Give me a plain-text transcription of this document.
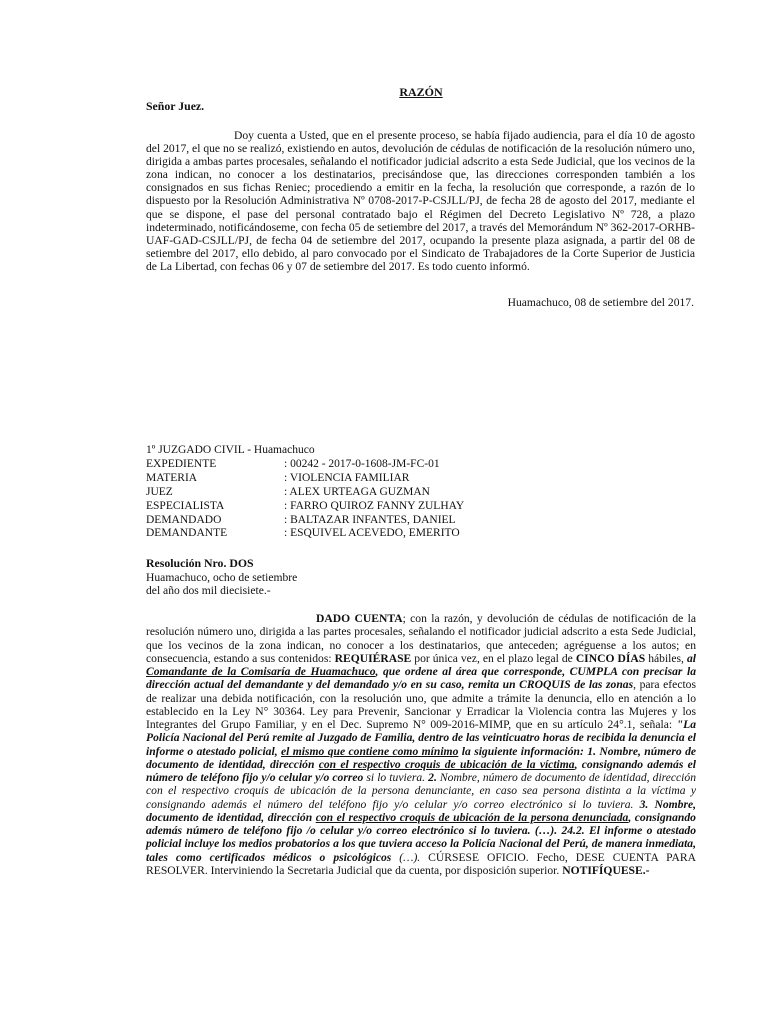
RAZÓN
Señor Juez.

Doy cuenta a Usted, que en el presente proceso, se había fijado audiencia, para el día 10 de agosto del 2017, el que no se realizó, existiendo en autos, devolución de cédulas de notificación de la resolución número uno, dirigida a ambas partes procesales, señalando el notificador judicial adscrito a esta Sede Judicial, que los vecinos de la zona indican, no conocer a los destinatarios, precisándose que, las direcciones corresponden también a los consignados en sus fichas Reniec; procediendo a emitir en la fecha, la resolución que corresponde, a razón de lo dispuesto por la Resolución Administrativa Nº 0708-2017-P-CSJLL/PJ, de fecha 28 de agosto del 2017, mediante el que se dispone, el pase del personal contratado bajo el Régimen del Decreto Legislativo Nº 728, a plazo indeterminado, notificándoseme, con fecha 05 de setiembre del 2017, a través del Memorándum Nº 362-2017-ORHB-UAF-GAD-CSJLL/PJ, de fecha 04 de setiembre del 2017, ocupando la presente plaza asignada, a partir del 08 de setiembre del 2017, ello debido, al paro convocado por el Sindicato de Trabajadores de la Corte Superior de Justicia de La Libertad, con fechas 06 y 07 de setiembre del 2017. Es todo cuento informó.

Huamachuco, 08 de setiembre del 2017.
1º JUZGADO CIVIL - Huamachuco
EXPEDIENTE	: 00242 - 2017-0-1608-JM-FC-01
MATERIA	: VIOLENCIA FAMILIAR
JUEZ	: ALEX URTEAGA GUZMAN
ESPECIALISTA	: FARRO QUIROZ FANNY ZULHAY
DEMANDADO	: BALTAZAR INFANTES, DANIEL
DEMANDANTE	: ESQUIVEL ACEVEDO, EMERITO
Resolución Nro. DOS
Huamachuco, ocho de setiembre
del año dos mil diecisiete.-

DADO CUENTA; con la razón, y devolución de cédulas de notificación de la resolución número uno, dirigida a las partes procesales, señalando el notificador judicial adscrito a esta Sede Judicial, que los vecinos de la zona indican, no conocer a los destinatarios, que anteceden; agréguense a los autos; en consecuencia, estando a sus contenidos: REQUIÉRASE por única vez, en el plazo legal de CINCO DÍAS hábiles, al Comandante de la Comisaría de Huamachuco, que ordene al área que corresponde, CUMPLA con precisar la dirección actual del demandante y del demandado y/o en su caso, remita un CROQUIS de las zonas, para efectos de realizar una debida notificación, con la resolución uno, que admite a trámite la denuncia, ello en atención a lo establecido en la Ley N° 30364. Ley para Prevenir, Sancionar y Erradicar la Violencia contra las Mujeres y los Integrantes del Grupo Familiar, y en el Dec. Supremo N° 009-2016-MIMP, que en su artículo 24°.1, señala: "La Policía Nacional del Perú remite al Juzgado de Familia, dentro de las veinticuatro horas de recibida la denuncia el informe o atestado policial, el mismo que contiene como mínimo la siguiente información: 1. Nombre, número de documento de identidad, dirección con el respectivo croquis de ubicación de la víctima, consignando además el número de teléfono fijo y/o celular y/o correo si lo tuviera. 2. Nombre, número de documento de identidad, dirección con el respectivo croquis de ubicación de la persona denunciante, en caso sea persona distinta a la víctima y consignando además el número del teléfono fijo y/o celular y/o correo electrónico si lo tuviera. 3. Nombre, documento de identidad, dirección con el respectivo croquis de ubicación de la persona denunciada, consignando además número de teléfono fijo /o celular y/o correo electrónico si lo tuviera. (…). 24.2. El informe o atestado policial incluye los medios probatorios a los que tuviera acceso la Policía Nacional del Perú, de manera inmediata, tales como certificados médicos o psicológicos (…). CÚRSESE OFICIO. Fecho, DESE CUENTA PARA RESOLVER. Interviniendo la Secretaria Judicial que da cuenta, por disposición superior. NOTIFÍQUESE.-
